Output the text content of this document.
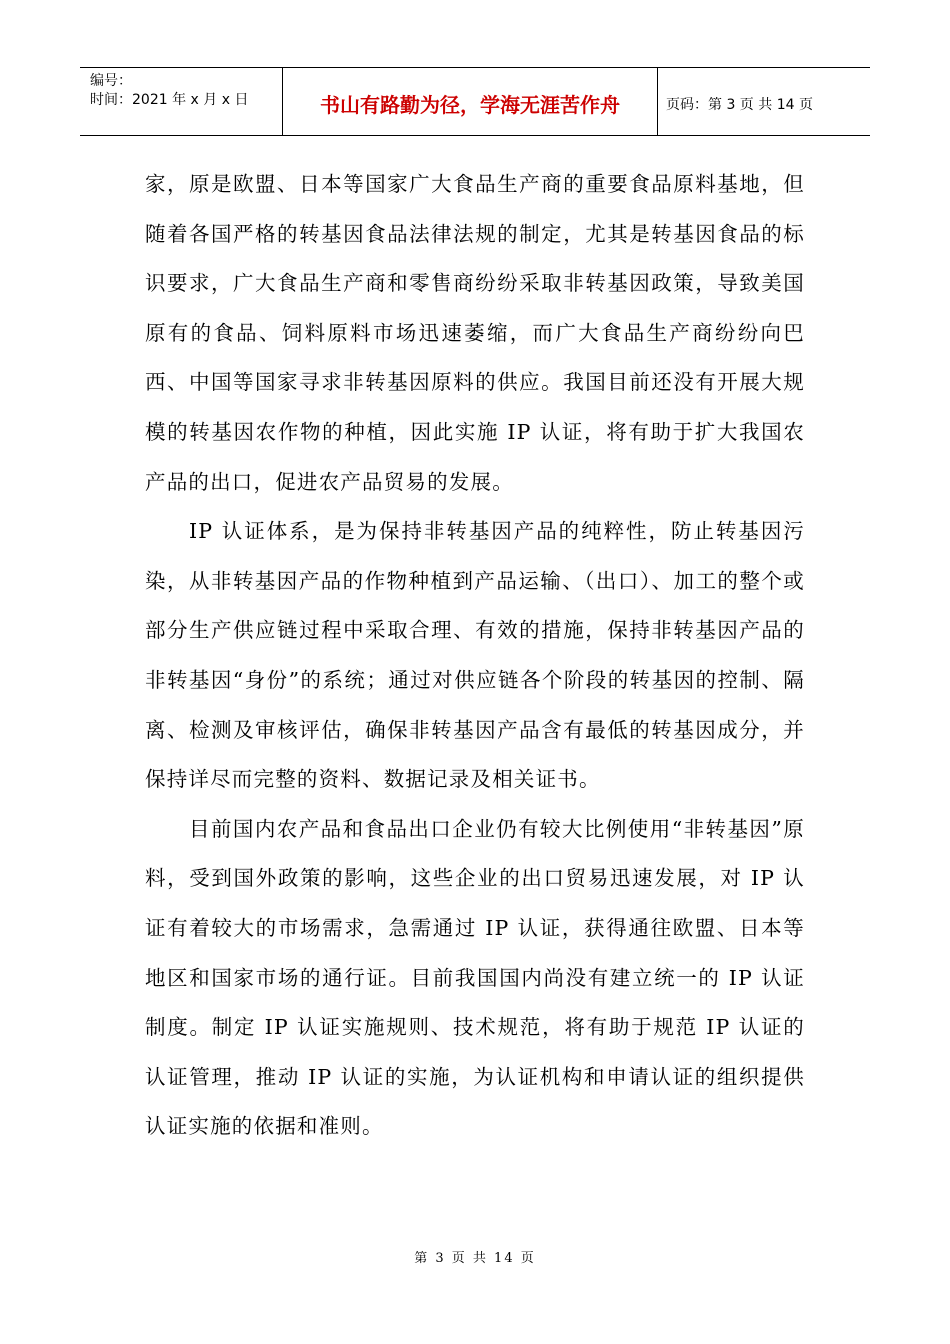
编号：
时间：2021 年 x 月 x 日	书山有路勤为径，学海无涯苦作舟	页码：第 3 页 共 14 页

家，原是欧盟、日本等国家广大食品生产商的重要食品原料基地，但随着各国严格的转基因食品法律法规的制定，尤其是转基因食品的标识要求，广大食品生产商和零售商纷纷采取非转基因政策，导致美国原有的食品、饲料原料市场迅速萎缩，而广大食品生产商纷纷向巴西、中国等国家寻求非转基因原料的供应。我国目前还没有开展大规模的转基因农作物的种植，因此实施 IP 认证，将有助于扩大我国农产品的出口，促进农产品贸易的发展。

IP 认证体系，是为保持非转基因产品的纯粹性，防止转基因污染，从非转基因产品的作物种植到产品运输、（出口）、加工的整个或部分生产供应链过程中采取合理、有效的措施，保持非转基因产品的非转基因“身份”的系统；通过对供应链各个阶段的转基因的控制、隔离、检测及审核评估，确保非转基因产品含有最低的转基因成分，并保持详尽而完整的资料、数据记录及相关证书。

目前国内农产品和食品出口企业仍有较大比例使用“非转基因”原料，受到国外政策的影响，这些企业的出口贸易迅速发展，对 IP 认证有着较大的市场需求，急需通过 IP 认证，获得通往欧盟、日本等地区和国家市场的通行证。目前我国国内尚没有建立统一的 IP 认证制度。制定 IP 认证实施规则、技术规范，将有助于规范 IP 认证的认证管理，推动 IP 认证的实施，为认证机构和申请认证的组织提供认证实施的依据和准则。

第 3 页 共 14 页
